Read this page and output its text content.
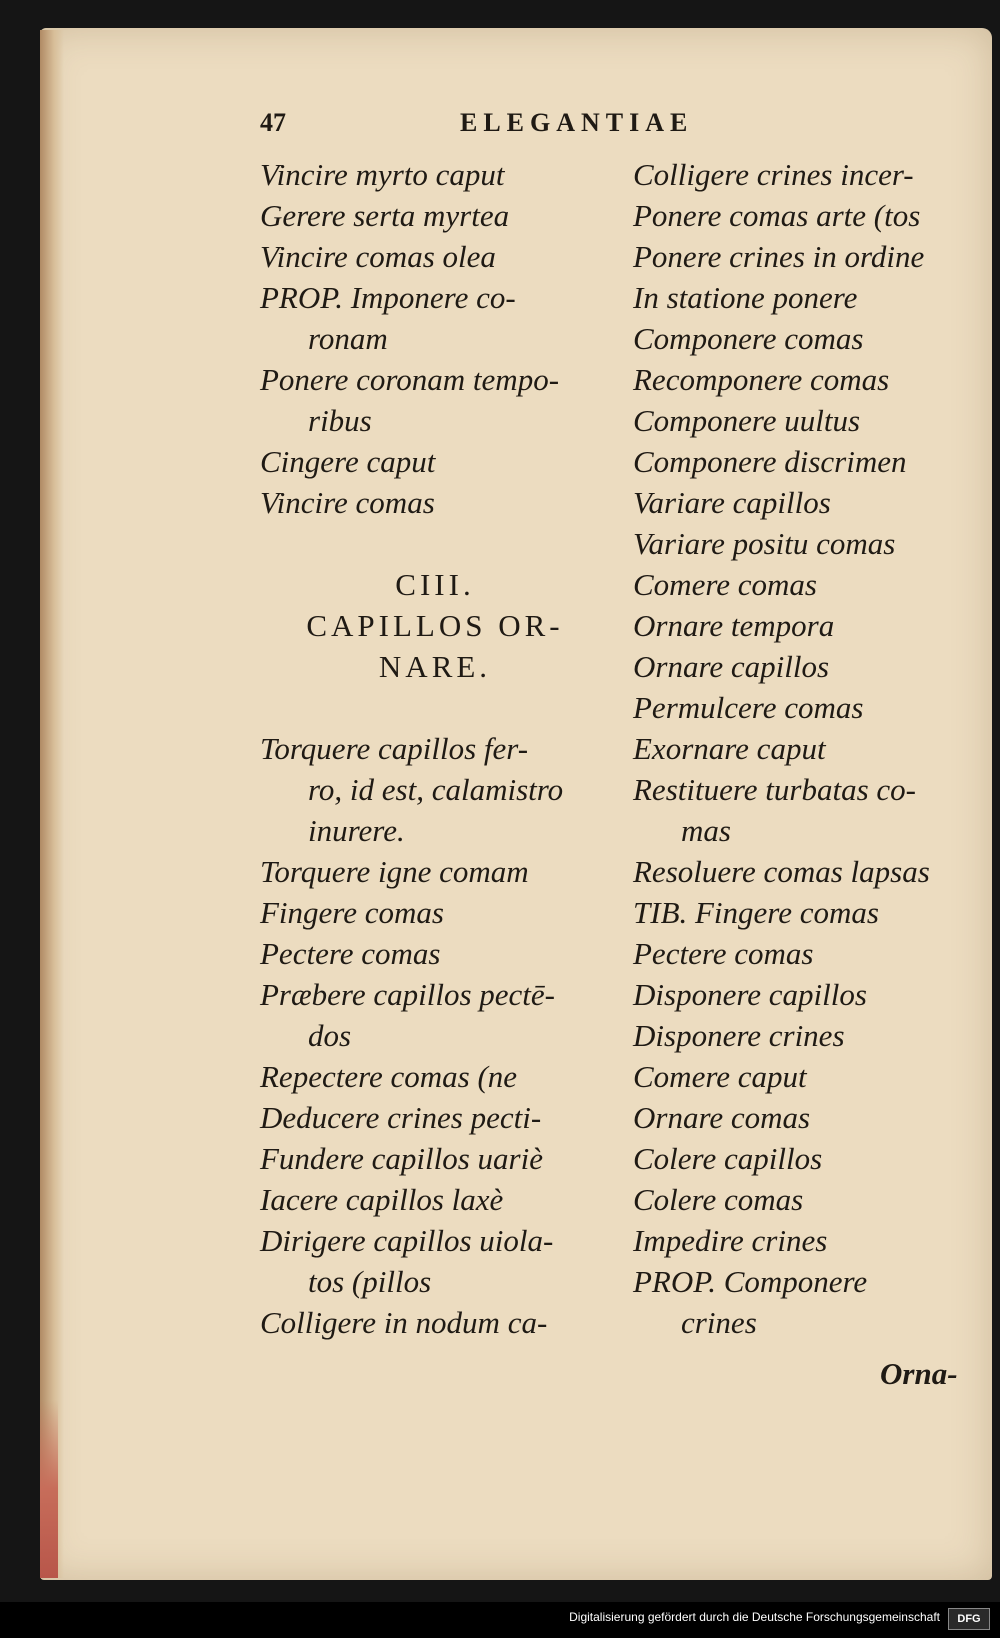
47	ELEGANTIAE
Vincire myrto caput
Gerere serta myrtea
Vincire comas olea
PROP. Imponere co-
ronam
Ponere coronam tempo-
ribus
Cingere caput
Vincire comas
CIII.
CAPILLOS OR-
NARE.
Torquere capillos fer-
ro, id est, calamistro
inurere.
Torquere igne comam
Fingere comas
Pectere comas
Præbere capillos pectē-
dos
Repectere comas (ne
Deducere crines pecti-
Fundere capillos uariè
Iacere capillos laxè
Dirigere capillos uiola-
tos (pillos
Colligere in nodum ca-
Colligere crines incer-
Ponere comas arte (tos
Ponere crines in ordine
In statione ponere
Componere comas
Recomponere comas
Componere uultus
Componere discrimen
Variare capillos
Variare positu comas
Comere comas
Ornare tempora
Ornare capillos
Permulcere comas
Exornare caput
Restituere turbatas co-
mas
Resoluere comas lapsas
TIB. Fingere comas
Pectere comas
Disponere capillos
Disponere crines
Comere caput
Ornare comas
Colere capillos
Colere comas
Impedire crines
PROP. Componere
crines
Orna-
Digitalisierung gefördert durch die Deutsche Forschungsgemeinschaft	DFG
